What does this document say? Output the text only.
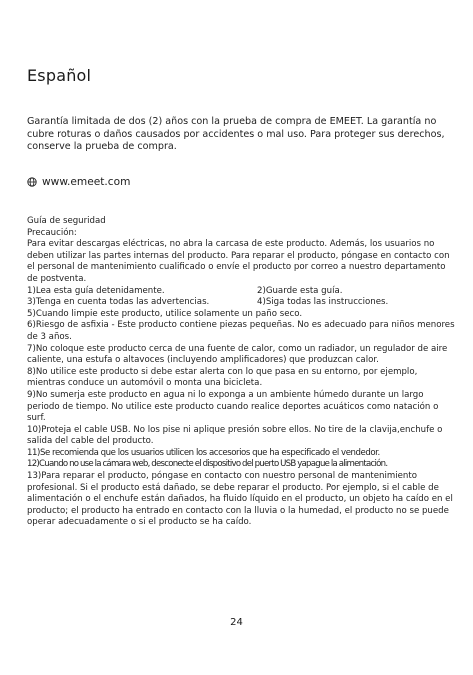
Español

Garantía limitada de dos (2) años con la prueba de compra de EMEET. La garantía no cubre roturas o daños causados por accidentes o mal uso. Para proteger sus derechos, conserve la prueba de compra.

www.emeet.com
Guía de seguridad
Precaución:
Para evitar descargas eléctricas, no abra la carcasa de este producto. Además, los usuarios no deben utilizar las partes internas del producto. Para reparar el producto, póngase en contacto con el personal de mantenimiento cualificado o envíe el producto por correo a nuestro departamento de postventa.
1)Lea esta guía detenidamente.	2)Guarde esta guía.
3)Tenga en cuenta todas las advertencias.	4)Siga todas las instrucciones.
5)Cuando limpie este producto, utilice solamente un paño seco.
6)Riesgo de asfixia - Este producto contiene piezas pequeñas. No es adecuado para niños menores de 3 años.
7)No coloque este producto cerca de una fuente de calor, como un radiador, un regulador de aire caliente, una estufa o altavoces (incluyendo amplificadores) que produzcan calor.
8)No utilice este producto si debe estar alerta con lo que pasa en su entorno, por ejemplo, mientras conduce un automóvil o monta una bicicleta.
9)No sumerja este producto en agua ni lo exponga a un ambiente húmedo durante un largo periodo de tiempo. No utilice este producto cuando realice deportes acuáticos como natación o surf.
10)Proteja el cable USB. No los pise ni aplique presión sobre ellos. No tire de la clavija,enchufe o salida del cable del producto.
11)Se recomienda que los usuarios utilicen los accesorios que ha especificado el vendedor.
12)Cuando no use la cámara web, desconecte el dispositivo del puerto USB yapague la alimentación.
13)Para reparar el producto, póngase en contacto con nuestro personal de mantenimiento profesional. Si el producto está dañado, se debe reparar el producto. Por ejemplo, si el cable de alimentación o el enchufe están dañados, ha fluido líquido en el producto, un objeto ha caído en el producto; el producto ha entrado en contacto con la lluvia o la humedad, el producto no se puede operar adecuadamente o si el producto se ha caído.
24
